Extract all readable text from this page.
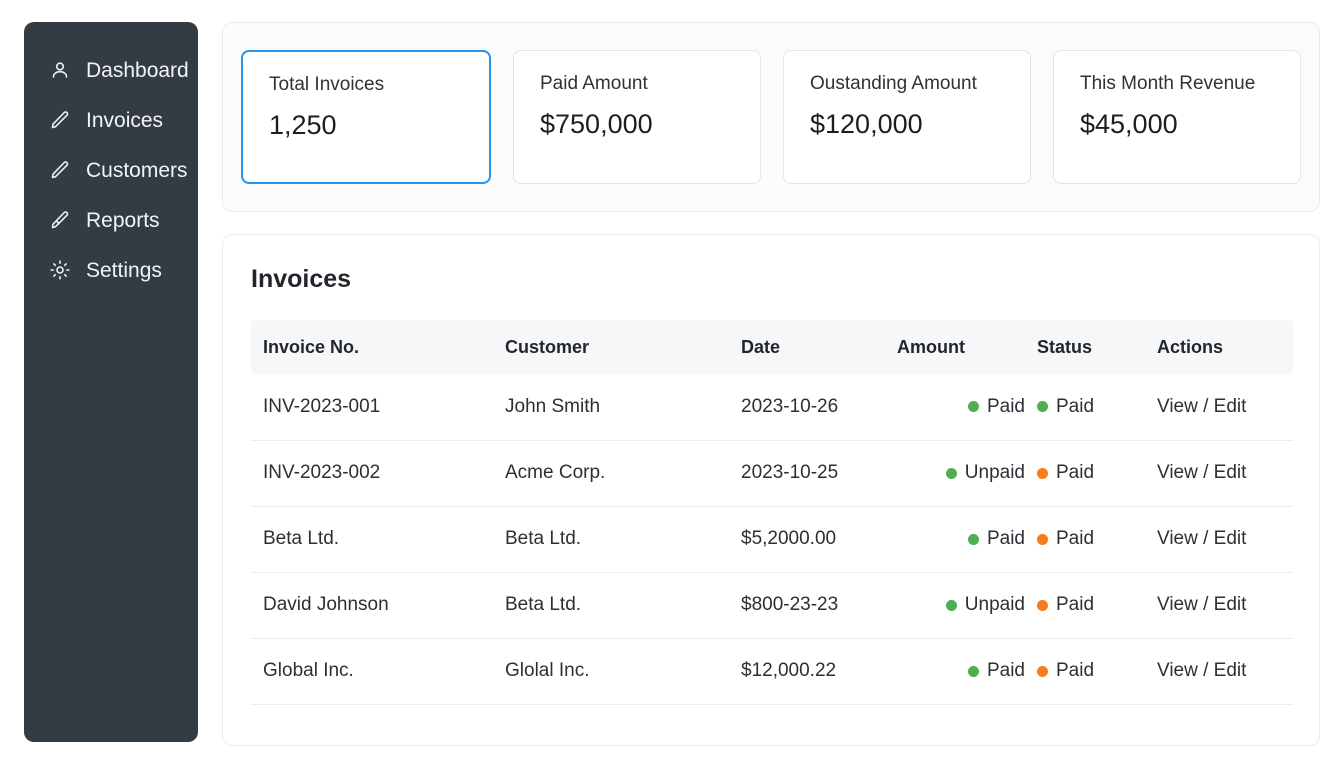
Dashboard
Invoices
Customers
Reports
Settings
Total Invoices
1,250
Paid Amount
$750,000
Oustanding Amount
$120,000
This Month Revenue
$45,000
Invoices
Invoice No.	Customer	Date	Amount	Status	Actions
INV-2023-001	John Smith	2023-10-26	Paid	Paid	View / Edit
INV-2023-002	Acme Corp.	2023-10-25	Unpaid	Paid	View / Edit
Beta Ltd.	Beta Ltd.	$5,2000.00	Paid	Paid	View / Edit
David Johnson	Beta Ltd.	$800-23-23	Unpaid	Paid	View / Edit
Global Inc.	Glolal Inc.	$12,000.22	Paid	Paid	View / Edit
